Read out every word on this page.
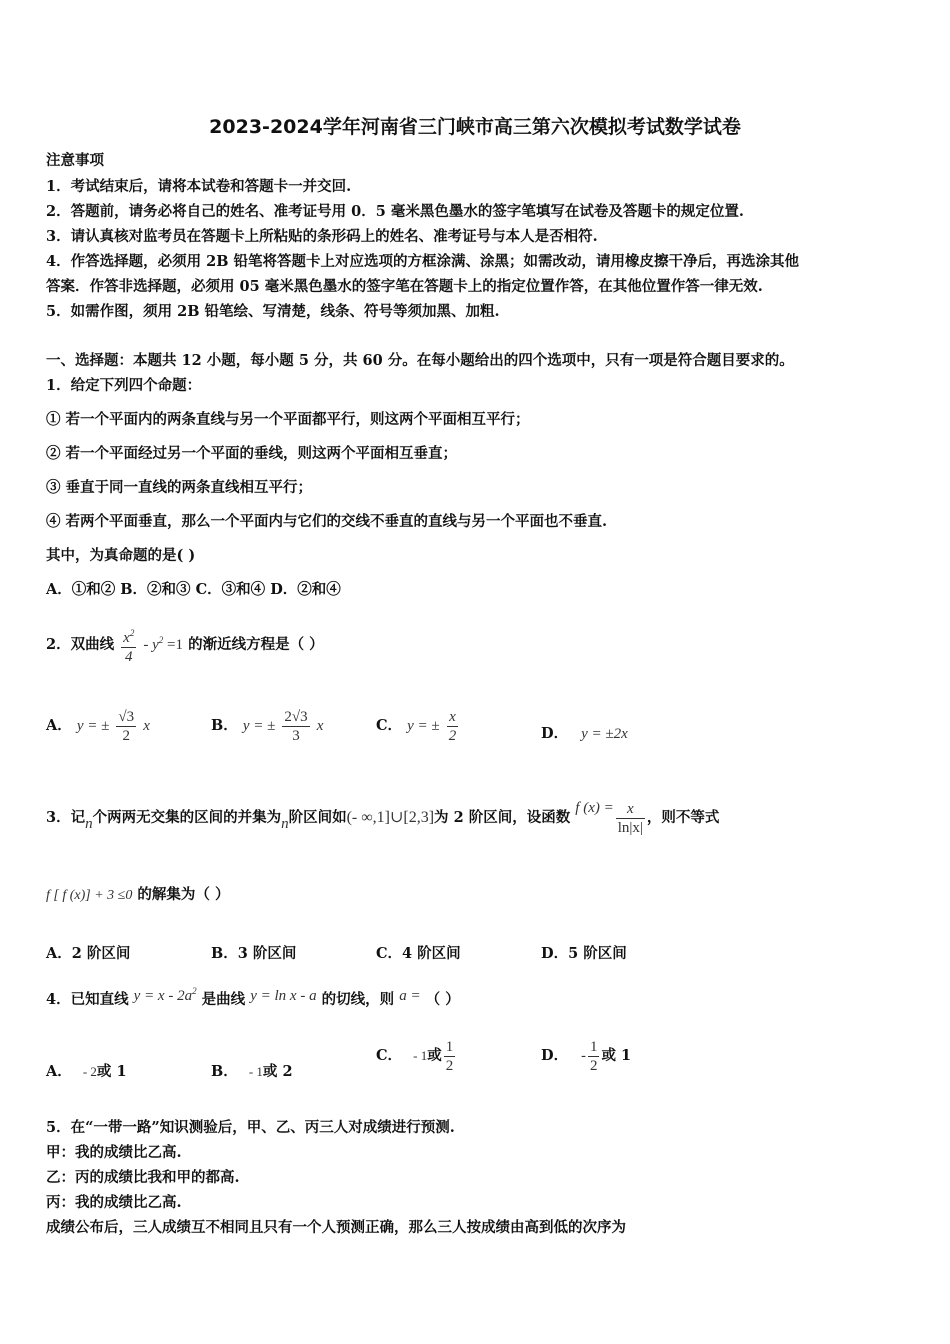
2023-2024学年河南省三门峡市高三第六次模拟考试数学试卷
注意事项
1．考试结束后，请将本试卷和答题卡一并交回.
2．答题前，请务必将自己的姓名、准考证号用 0．5 毫米黑色墨水的签字笔填写在试卷及答题卡的规定位置.
3．请认真核对监考员在答题卡上所粘贴的条形码上的姓名、准考证号与本人是否相符.
4．作答选择题，必须用 2B 铅笔将答题卡上对应选项的方框涂满、涂黑；如需改动，请用橡皮擦干净后，再选涂其他
答案．作答非选择题，必须用 05 毫米黑色墨水的签字笔在答题卡上的指定位置作答，在其他位置作答一律无效.
5．如需作图，须用 2B 铅笔绘、写清楚，线条、符号等须加黑、加粗.
一、选择题：本题共 12 小题，每小题 5 分，共 60 分。在每小题给出的四个选项中，只有一项是符合题目要求的。
1．给定下列四个命题：
① 若一个平面内的两条直线与另一个平面都平行，则这两个平面相互平行；
② 若一个平面经过另一个平面的垂线，则这两个平面相互垂直；
③ 垂直于同一直线的两条直线相互平行；
④ 若两个平面垂直，那么一个平面内与它们的交线不垂直的直线与另一个平面也不垂直.
其中，为真命题的是( )
A．①和② B．②和③ C．③和④ D．②和④
2．双曲线 $\frac{x^2}{4} - y^2 =1$ 的渐近线方程是（ ）
A． y = ± $\frac{√3}{2}$ x	B． y = ± $\frac{2√3}{3}$ x	C． y = ± $\frac{x}{2}$	D． y = ±2x
3．记n个两两无交集的区间的并集为n阶区间如(- ∞,1]∪[2,3]为 2 阶区间，设函数 f $(x) = \frac{x}{\ln|x|}$ ，则不等式
f [ f (x)] + 3 ≤0 的解集为（ ）
A．2 阶区间	B．3 阶区间	C．4 阶区间	D．5 阶区间
4．已知直线 $y = x - 2a^2$ 是曲线 y = ln x - a 的切线，则 a = （ ）
A． - 2或 1	B． - 1或 2
C． - 1或 $\frac{1}{2}$	D． - $\frac{1}{2}$ 或 1
5．在“一带一路”知识测验后，甲、乙、丙三人对成绩进行预测.
甲：我的成绩比乙高.
乙：丙的成绩比我和甲的都高.
丙：我的成绩比乙高.
成绩公布后，三人成绩互不相同且只有一个人预测正确，那么三人按成绩由高到低的次序为
